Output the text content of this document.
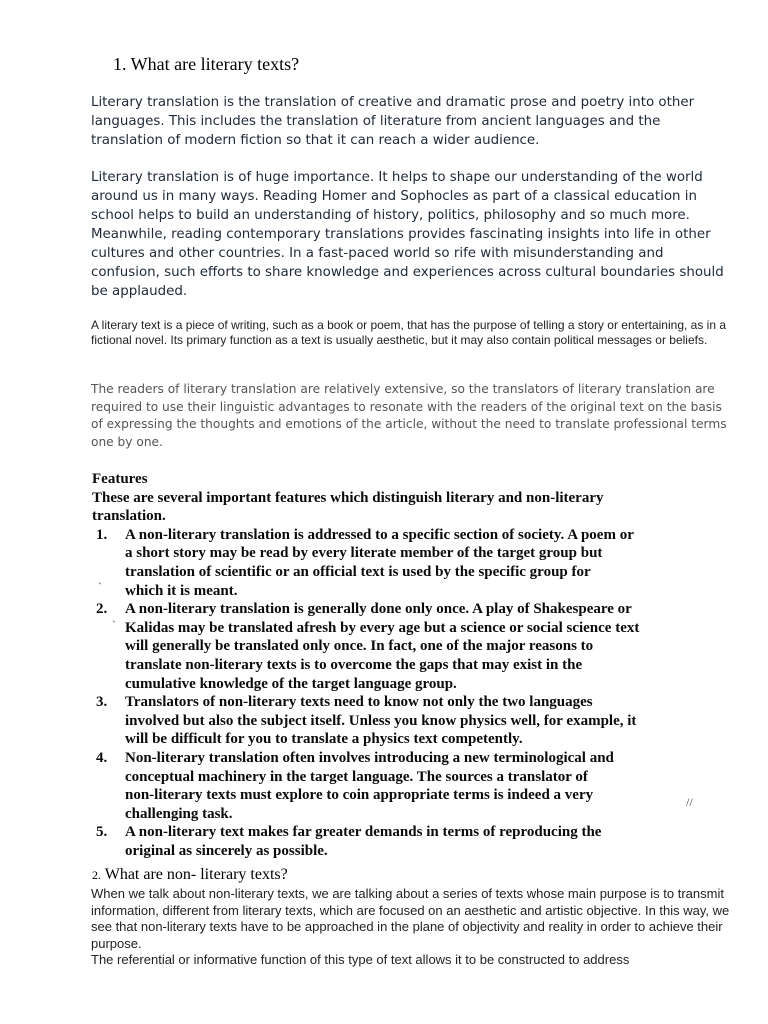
1. What are literary texts?
Literary translation is the translation of creative and dramatic prose and poetry into other languages. This includes the translation of literature from ancient languages and the translation of modern fiction so that it can reach a wider audience.
Literary translation is of huge importance. It helps to shape our understanding of the world around us in many ways. Reading Homer and Sophocles as part of a classical education in school helps to build an understanding of history, politics, philosophy and so much more. Meanwhile, reading contemporary translations provides fascinating insights into life in other cultures and other countries. In a fast-paced world so rife with misunderstanding and confusion, such efforts to share knowledge and experiences across cultural boundaries should be applauded.
A literary text is a piece of writing, such as a book or poem, that has the purpose of telling a story or entertaining, as in a fictional novel. Its primary function as a text is usually aesthetic, but it may also contain political messages or beliefs.
The readers of literary translation are relatively extensive, so the translators of literary translation are required to use their linguistic advantages to resonate with the readers of the original text on the basis of expressing the thoughts and emotions of the article, without the need to translate professional terms one by one.
Features
These are several important features which distinguish literary and non-literary
translation.
1. A non-literary translation is addressed to a specific section of society. A poem or
a short story may be read by every literate member of the target group but
translation of scientific or an official text is used by the specific group for
which it is meant.
2. A non-literary translation is generally done only once. A play of Shakespeare or
Kalidas may be translated afresh by every age but a science or social science text
will generally be translated only once. In fact, one of the major reasons to
translate non-literary texts is to overcome the gaps that may exist in the
cumulative knowledge of the target language group.
3. Translators of non-literary texts need to know not only the two languages
involved but also the subject itself. Unless you know physics well, for example, it
will be difficult for you to translate a physics text competently.
4. Non-literary translation often involves introducing a new terminological and
conceptual machinery in the target language. The sources a translator of
non-literary texts must explore to coin appropriate terms is indeed a very
challenging task.
5. A non-literary text makes far greater demands in terms of reproducing the
original as sincerely as possible.
`
`
//
2. What are non- literary texts?
When we talk about non-literary texts, we are talking about a series of texts whose main purpose is to transmit information, different from literary texts, which are focused on an aesthetic and artistic objective. In this way, we see that non-literary texts have to be approached in the plane of objectivity and reality in order to achieve their purpose.
The referential or informative function of this type of text allows it to be constructed to address
